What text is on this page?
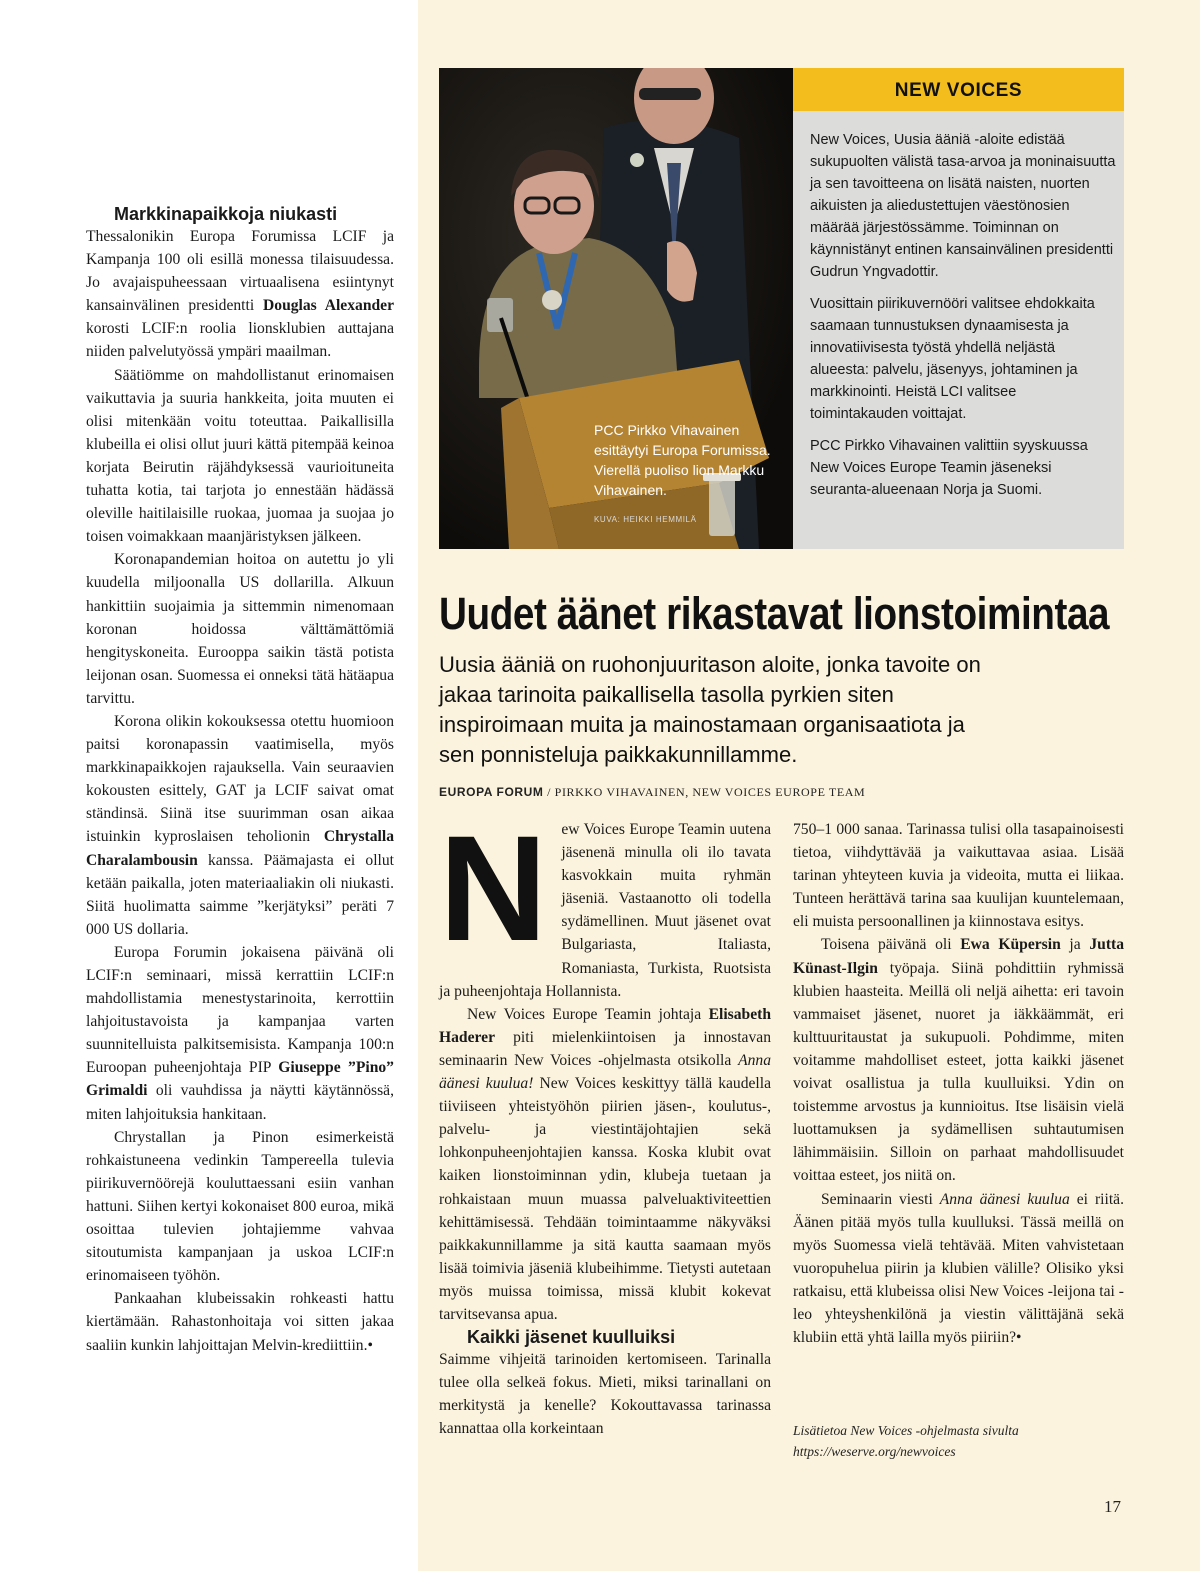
Markkinapaikkoja niukasti

Thessalonikin Europa Forumissa LCIF ja Kampanja 100 oli esillä monessa tilaisuudessa. Jo avajaispuheessaan virtuaalisena esiintynyt kansainvälinen presidentti Douglas Alexander korosti LCIF:n roolia lionsklubien auttajana niiden palvelutyössä ympäri maailman.

Säätiömme on mahdollistanut erinomaisen vaikuttavia ja suuria hankkeita, joita muuten ei olisi mitenkään voitu toteuttaa. Paikallisilla klubeilla ei olisi ollut juuri kättä pitempää keinoa korjata Beirutin räjähdyksessä vaurioituneita tuhatta kotia, tai tarjota jo ennestään hädässä oleville haitilaisille ruokaa, juomaa ja suojaa jo toisen voimakkaan maanjäristyksen jälkeen.

Koronapandemian hoitoa on autettu jo yli kuudella miljoonalla US dollarilla. Alkuun hankittiin suojaimia ja sittemmin nimenomaan koronan hoidossa välttämättömiä hengityskoneita. Eurooppa saikin tästä potista leijonan osan. Suomessa ei onneksi tätä hätäapua tarvittu.

Korona olikin kokouksessa otettu huomioon paitsi koronapassin vaatimisella, myös markkinapaikkojen rajauksella. Vain seuraavien kokousten esittely, GAT ja LCIF saivat omat ständinsä. Siinä itse suurimman osan aikaa istuinkin kyproslaisen teholionin Chrystalla Charalambousin kanssa. Päämajasta ei ollut ketään paikalla, joten materiaaliakin oli niukasti. Siitä huolimatta saimme ”kerjätyksi” peräti 7 000 US dollaria.

Europa Forumin jokaisena päivänä oli LCIF:n seminaari, missä kerrattiin LCIF:n mahdollistamia menestystarinoita, kerrottiin lahjoitustavoista ja kampanjaa varten suunnitelluista palkitsemisista. Kampanja 100:n Euroopan puheenjohtaja PIP Giuseppe ”Pino” Grimaldi oli vauhdissa ja näytti käytännössä, miten lahjoituksia hankitaan.

Chrystallan ja Pinon esimerkeistä rohkaistuneena vedinkin Tampereella tulevia piirikuvernöörejä kouluttaessani esiin vanhan hattuni. Siihen kertyi kokonaiset 800 euroa, mikä osoittaa tulevien johtajiemme vahvaa sitoutumista kampanjaan ja uskoa LCIF:n erinomaiseen työhön.

Pankaahan klubeissakin rohkeasti hattu kiertämään. Rahastonhoitaja voi sitten jakaa saaliin kunkin lahjoittajan Melvin-krediittiin.•

PCC Pirkko Vihavainen esittäytyi Europa Forumissa. Vierellä puoliso lion Markku Vihavainen.
KUVA: HEIKKI HEMMILÄ
NEW VOICES

New Voices, Uusia ääniä -aloite edistää sukupuolten välistä tasa-arvoa ja moninaisuutta ja sen tavoitteena on lisätä naisten, nuorten aikuisten ja aliedustettujen väestönosien määrää järjestössämme. Toiminnan on käynnistänyt entinen kansainvälinen presidentti Gudrun Yngvadottir.

Vuosittain piirikuvernööri valitsee ehdokkaita saamaan tunnustuksen dynaamisesta ja innovatiivisesta työstä yhdellä neljästä alueesta: palvelu, jäsenyys, johtaminen ja markkinointi. Heistä LCI valitsee toimintakauden voittajat.

PCC Pirkko Vihavainen valittiin syyskuussa New Voices Europe Teamin jäseneksi seuranta-alueenaan Norja ja Suomi.

Uudet äänet rikastavat lionstoimintaa
Uusia ääniä on ruohonjuuritason aloite, jonka tavoite on jakaa tarinoita paikallisella tasolla pyrkien siten inspiroimaan muita ja mainostamaan organisaatiota ja sen ponnisteluja paikkakunnillamme.
EUROPA FORUM / PIRKKO VIHAVAINEN, NEW VOICES EUROPE TEAM
N ew Voices Europe Teamin uutena jäsenenä minulla oli ilo tavata kasvokkain muita ryhmän jäseniä. Vastaanotto oli todella sydämellinen. Muut jäsenet ovat Bulgariasta, Italiasta, Romaniasta, Turkista, Ruotsista ja puheenjohtaja Hollannista.

New Voices Europe Teamin johtaja Elisabeth Haderer piti mielenkiintoisen ja innostavan seminaarin New Voices -ohjelmasta otsikolla Anna äänesi kuulua! New Voices keskittyy tällä kaudella tiiviiseen yhteistyöhön piirien jäsen-, koulutus-, palvelu- ja viestintäjohtajien sekä lohkonpuheenjohtajien kanssa. Koska klubit ovat kaiken lionstoiminnan ydin, klubeja tuetaan ja rohkaistaan muun muassa palveluaktiviteettien kehittämisessä. Tehdään toimintaamme näkyväksi paikkakunnillamme ja sitä kautta saamaan myös lisää toimivia jäseniä klubeihimme. Tietysti autetaan myös muissa toimissa, missä klubit kokevat tarvitsevansa apua.

Kaikki jäsenet kuulluiksi

Saimme vihjeitä tarinoiden kertomiseen. Tarinalla tulee olla selkeä fokus. Mieti, miksi tarinallani on merkitystä ja kenelle? Kokouttavassa tarinassa kannattaa olla korkeintaan

750–1 000 sanaa. Tarinassa tulisi olla tasapainoisesti tietoa, viihdyttävää ja vaikuttavaa asiaa. Lisää tarinan yhteyteen kuvia ja videoita, mutta ei liikaa. Tunteen herättävä tarina saa kuulijan kuuntelemaan, eli muista persoonallinen ja kiinnostava esitys.

Toisena päivänä oli Ewa Küpersin ja Jutta Künast-Ilgin työpaja. Siinä pohdittiin ryhmissä klubien haasteita. Meillä oli neljä aihetta: eri tavoin vammaiset jäsenet, nuoret ja iäkkäämmät, eri kulttuuritaustat ja sukupuoli. Pohdimme, miten voitamme mahdolliset esteet, jotta kaikki jäsenet voivat osallistua ja tulla kuulluiksi. Ydin on toistemme arvostus ja kunnioitus. Itse lisäisin vielä luottamuksen ja sydämellisen suhtautumisen lähimmäisiin. Silloin on parhaat mahdollisuudet voittaa esteet, jos niitä on.

Seminaarin viesti Anna äänesi kuulua ei riitä. Äänen pitää myös tulla kuulluksi. Tässä meillä on myös Suomessa vielä tehtävää. Miten vahvistetaan vuoropuhelua piirin ja klubien välille? Olisiko yksi ratkaisu, että klubeissa olisi New Voices -leijona tai -leo yhteyshenkilönä ja viestin välittäjänä sekä klubiin että yhtä lailla myös piiriin?•

Lisätietoa New Voices -ohjelmasta sivulta https://weserve.org/newvoices
17
